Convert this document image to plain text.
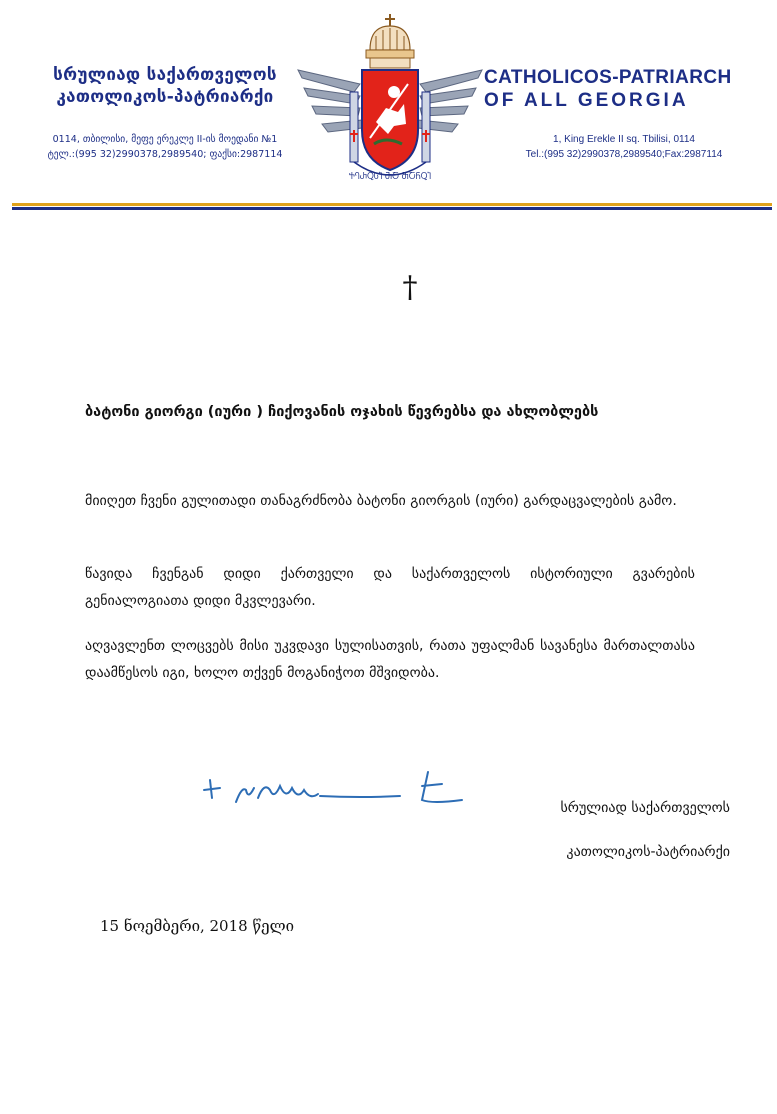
სრულიად საქართველოს
კათოლიკოს-პატრიარქი
0114, თბილისი, მეფე ერეკლე II-ის მოედანი №1
ტელ.:(995 32)2990378,2989540; ფაქსი:2987114
ႵႤႰႭႱႨ ႫႠ ႫႠႬႭႨ
CATHOLICOS-PATRIARCH
OF ALL GEORGIA
1, King Erekle II sq. Tbilisi, 0114
Tel.:(995 32)2990378,2989540;Fax:2987114
†
ბატონი გიორგი (იური ) ჩიქოვანის ოჯახის წევრებსა და ახლობლებს
მიიღეთ ჩვენი გულითადი თანაგრძნობა ბატონი გიორგის (იური) გარდაცვალების გამო.
წავიდა ჩვენგან დიდი ქართველი და საქართველოს ისტორიული გვარების გენიალოგიათა დიდი მკვლევარი.
აღვავლენთ ლოცვებს მისი უკვდავი სულისათვის, რათა უფალმან სავანესა მართალთასა დაამწესოს იგი, ხოლო თქვენ მოგანიჭოთ მშვიდობა.
სრულიად საქართველოს
კათოლიკოს-პატრიარქი
15 ნოემბერი, 2018 წელი
